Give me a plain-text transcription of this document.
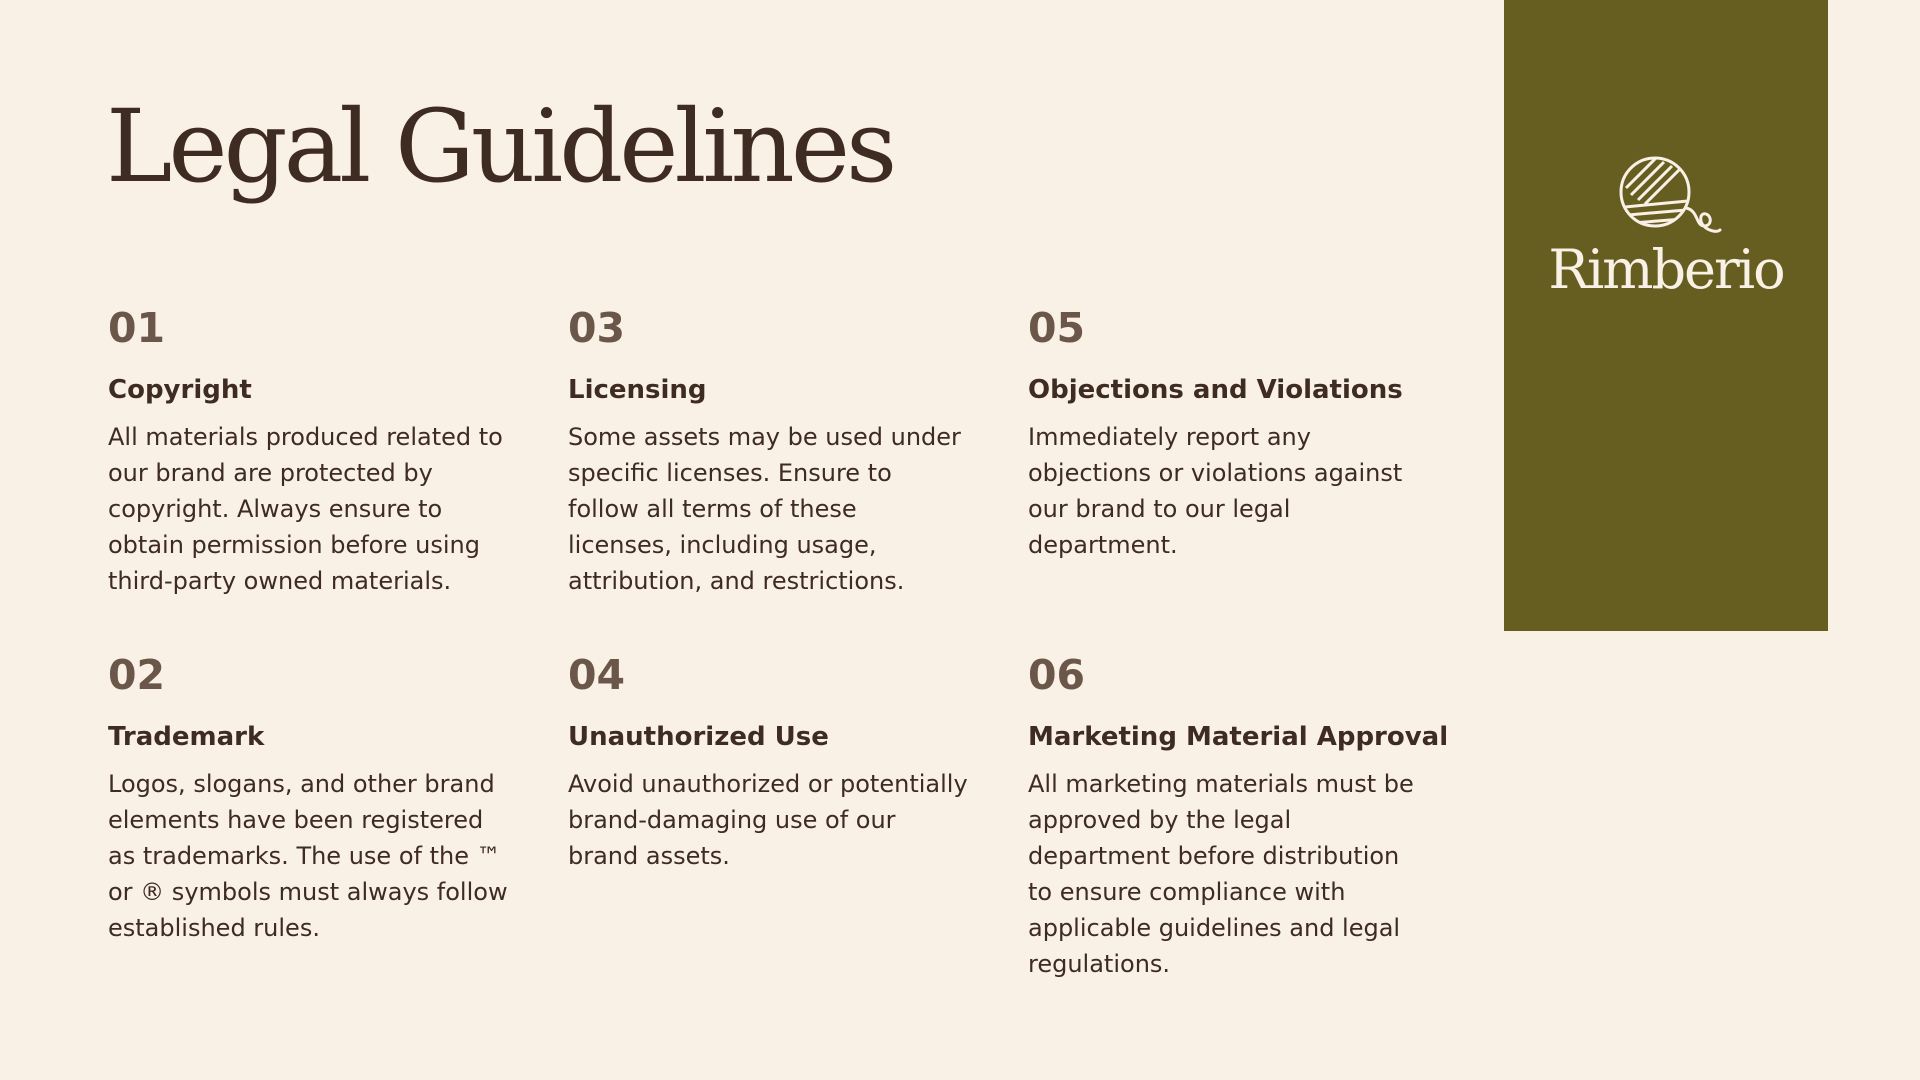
Legal Guidelines
01
Copyright
All materials produced related to our brand are protected by copyright. Always ensure to obtain permission before using third-party owned materials.
02
Trademark
Logos, slogans, and other brand elements have been registered as trademarks. The use of the ™ or ® symbols must always follow established rules.
03
Licensing
Some assets may be used under specific licenses. Ensure to follow all terms of these licenses, including usage, attribution, and restrictions.
04
Unauthorized Use
Avoid unauthorized or potentially brand-damaging use of our brand assets.
05
Objections and Violations
Immediately report any objections or violations against our brand to our legal department.
06
Marketing Material Approval
All marketing materials must be approved by the legal department before distribution to ensure compliance with applicable guidelines and legal regulations.
Rimberio
